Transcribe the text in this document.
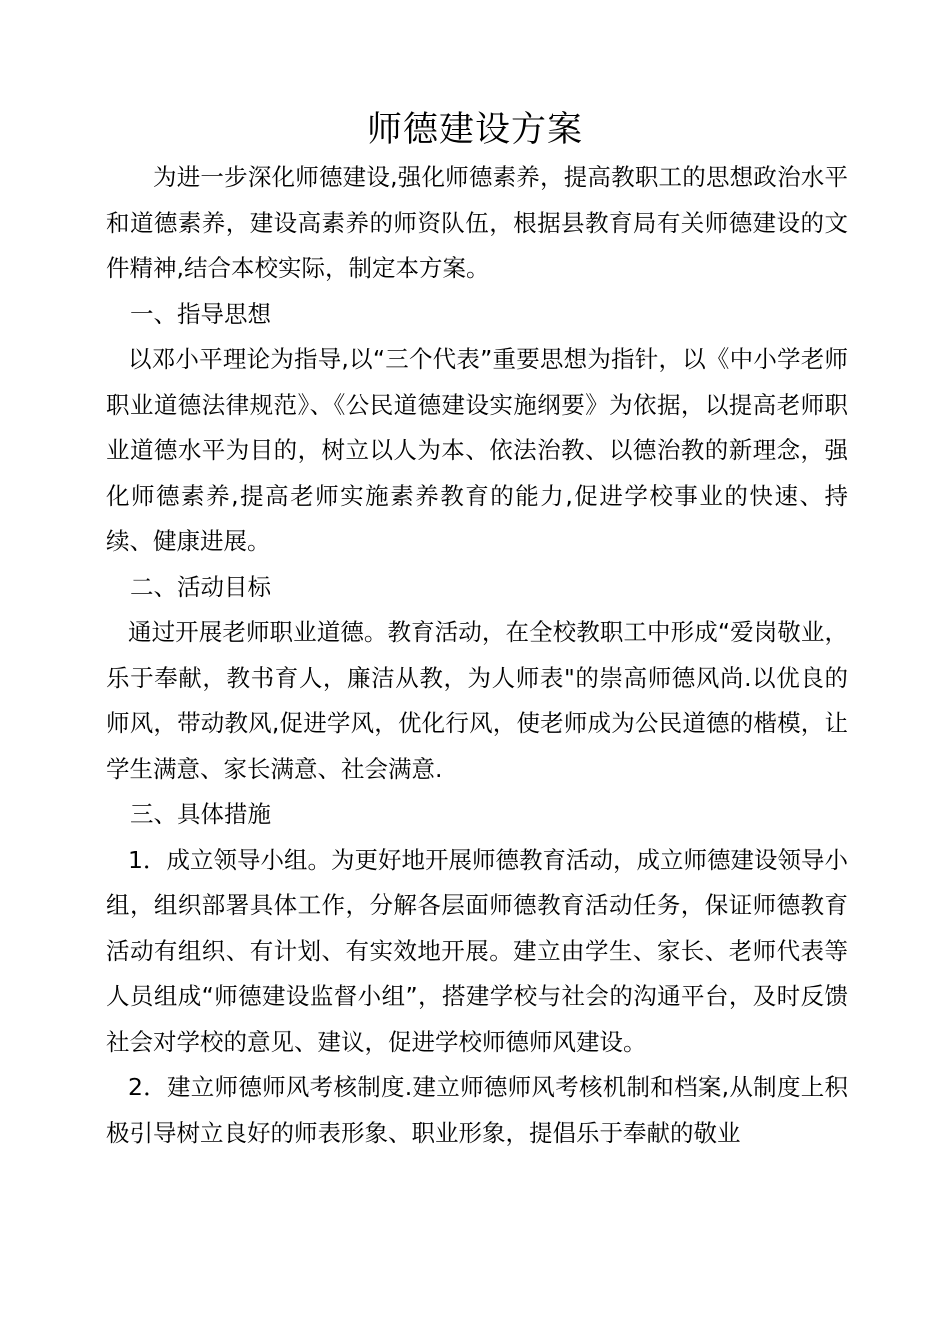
师德建设方案

为进一步深化师德建设,强化师德素养，提高教职工的思想政治水平和道德素养，建设高素养的师资队伍，根据县教育局有关师德建设的文件精神,结合本校实际，制定本方案。

一、指导思想

以邓小平理论为指导,以“三个代表”重要思想为指针，以《中小学老师职业道德法律规范》、《公民道德建设实施纲要》为依据，以提高老师职业道德水平为目的，树立以人为本、依法治教、以德治教的新理念，强化师德素养,提高老师实施素养教育的能力,促进学校事业的快速、持续、健康进展。

二、活动目标

通过开展老师职业道德。教育活动，在全校教职工中形成“爱岗敬业，乐于奉献，教书育人，廉洁从教，为人师表"的崇高师德风尚.以优良的师风，带动教风,促进学风，优化行风，使老师成为公民道德的楷模，让学生满意、家长满意、社会满意.

三、具体措施

1．成立领导小组。为更好地开展师德教育活动，成立师德建设领导小组，组织部署具体工作，分解各层面师德教育活动任务，保证师德教育活动有组织、有计划、有实效地开展。建立由学生、家长、老师代表等人员组成“师德建设监督小组”，搭建学校与社会的沟通平台，及时反馈社会对学校的意见、建议，促进学校师德师风建设。

2．建立师德师风考核制度.建立师德师风考核机制和档案,从制度上积极引导树立良好的师表形象、职业形象，提倡乐于奉献的敬业
